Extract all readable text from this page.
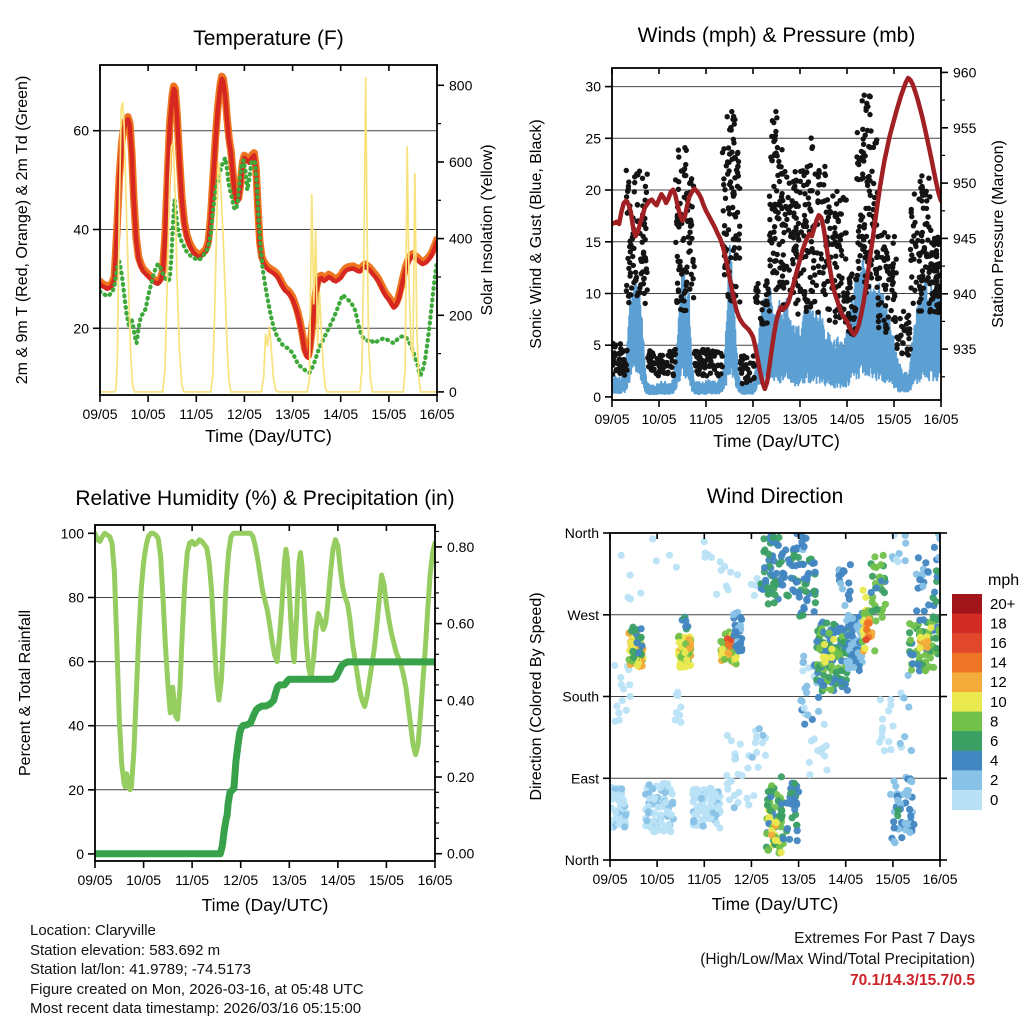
09/05 10/05 11/05 12/05 13/05 14/05 15/05 16/05
20
40
60
0
200
400
600
800
Temperature (F)
Time (Day/UTC)
2m & 9m T (Red, Orange) & 2m Td (Green)	Solar Insolation (Yellow)
09/05 10/05 11/05 12/05 13/05 14/05 15/05 16/05
0
5
10
15
20
25
30
935
940
945
950
955
960
Winds (mph) & Pressure (mb)
Time (Day/UTC)
Sonic Wind & Gust (Blue, Black)	Station Pressure (Maroon)
09/05 10/05 11/05 12/05 13/05 14/05 15/05 16/05
0
20
40
60
80
100
0.00
0.20
0.40
0.60
0.80
Relative Humidity (%) & Precipitation (in)
Time (Day/UTC)
Percent & Total Rainfall
09/05 10/05 11/05 12/05 13/05 14/05 15/05 16/05
North
East
South
West
North
Wind Direction
Time (Day/UTC)
Direction (Colored By Speed)
mph
20+
18
16
14
12
10
8
6
4
2
0
Location: Claryville
Station elevation: 583.692 m
Station lat/lon: 41.9789; -74.5173
Figure created on Mon, 2026-03-16, at 05:48 UTC
Most recent data timestamp: 2026/03/16 05:15:00
Extremes For Past 7 Days
(High/Low/Max Wind/Total Precipitation)
70.1/14.3/15.7/0.5
